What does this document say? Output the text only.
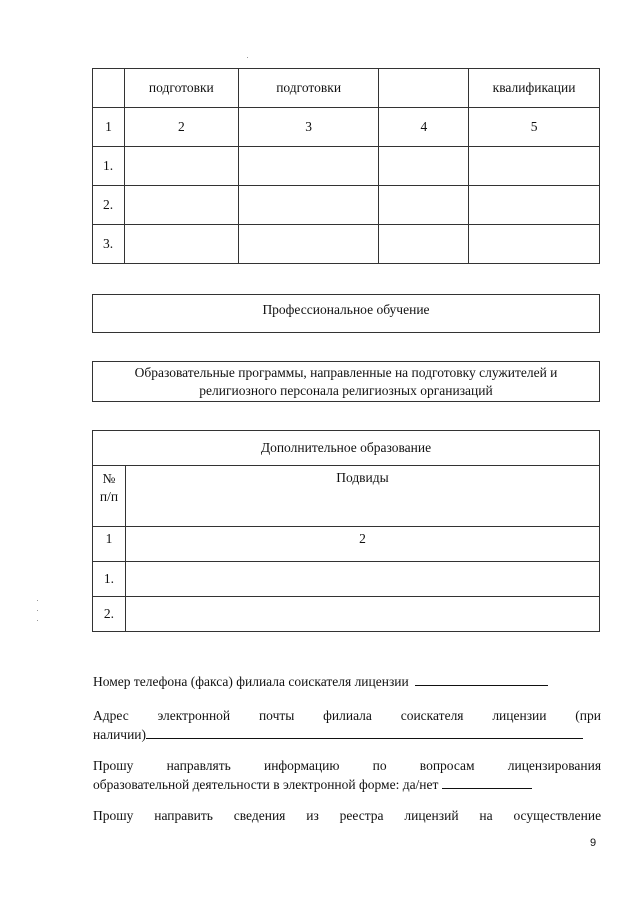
	подготовки	подготовки		квалификации
1	2	3	4	5
1.				
2.				
3.				
Профессиональное обучение
Образовательные программы, направленные на подготовку служителей и
религиозного персонала религиозных организаций
Дополнительное образование	

№
п/п	Подвиды
1	2
1.	
2.	
Номер телефона (факса) филиала соискателя лицензии
Адрес электронной почты филиала соискателя лицензии (при
наличии)
Прошу направлять информацию по вопросам лицензирования
образовательной деятельности в электронной форме: да/нет
Прошу направить сведения из реестра лицензий на осуществление
9
